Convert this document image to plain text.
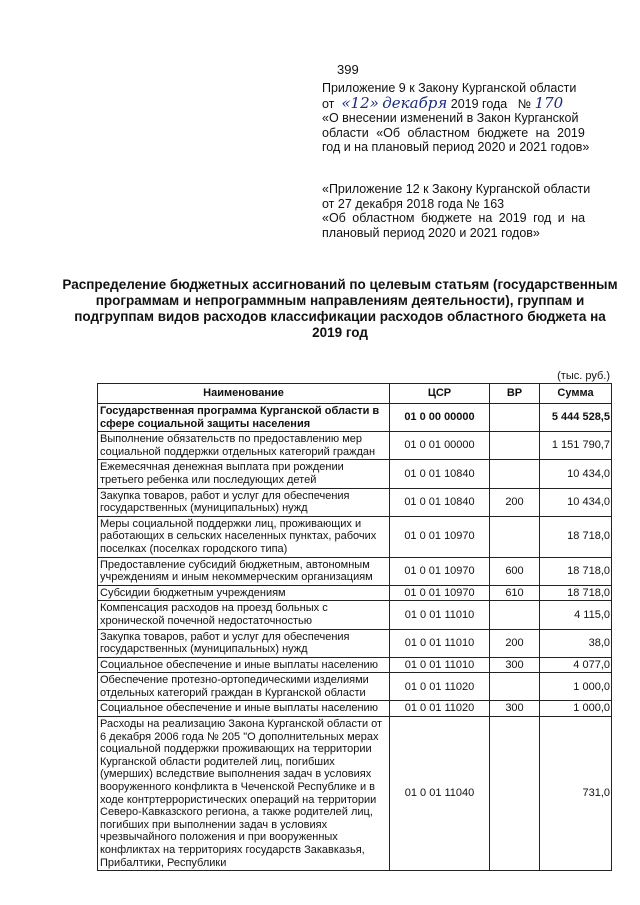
399
Приложение 9 к Закону Курганской области
от «12» декабря 2019 года № 170
«О внесении изменений в Закон Курганской
области «Об областном бюджете на 2019
год и на плановый период 2020 и 2021 годов»
«Приложение 12 к Закону Курганской области
от 27 декабря 2018 года № 163
«Об областном бюджете на 2019 год и на
плановый период 2020 и 2021 годов»
Распределение бюджетных ассигнований по целевым статьям (государственным
программам и непрограммным направлениям деятельности), группам и
подгруппам видов расходов классификации расходов областного бюджета на
2019 год
(тыс. руб.)
Наименование	ЦСР	ВР	Сумма
Государственная программа Курганской области в сфере социальной защиты населения	01 0 00 00000		5 444 528,5
Выполнение обязательств по предоставлению мер социальной поддержки отдельных категорий граждан	01 0 01 00000		1 151 790,7
Ежемесячная денежная выплата при рождении третьего ребенка или последующих детей	01 0 01 10840		10 434,0
Закупка товаров, работ и услуг для обеспечения государственных (муниципальных) нужд	01 0 01 10840	200	10 434,0
Меры социальной поддержки лиц, проживающих и работающих в сельских населенных пунктах, рабочих поселках (поселках городского типа)	01 0 01 10970		18 718,0
Предоставление субсидий бюджетным, автономным учреждениям и иным некоммерческим организациям	01 0 01 10970	600	18 718,0
Субсидии бюджетным учреждениям	01 0 01 10970	610	18 718,0
Компенсация расходов на проезд больных с хронической почечной недостаточностью	01 0 01 11010		4 115,0
Закупка товаров, работ и услуг для обеспечения государственных (муниципальных) нужд	01 0 01 11010	200	38,0
Социальное обеспечение и иные выплаты населению	01 0 01 11010	300	4 077,0
Обеспечение протезно-ортопедическими изделиями отдельных категорий граждан в Курганской области	01 0 01 11020		1 000,0
Социальное обеспечение и иные выплаты населению	01 0 01 11020	300	1 000,0
Расходы на реализацию Закона Курганской области от 6 декабря 2006 года № 205 "О дополнительных мерах социальной поддержки проживающих на территории Курганской области родителей лиц, погибших (умерших) вследствие выполнения задач в условиях вооруженного конфликта в Чеченской Республике и в ходе контртеррористических операций на территории Северо-Кавказского региона, а также родителей лиц, погибших при выполнении задач в условиях чрезвычайного положения и при вооруженных конфликтах на территориях государств Закавказья, Прибалтики, Республики	01 0 01 11040		731,0
